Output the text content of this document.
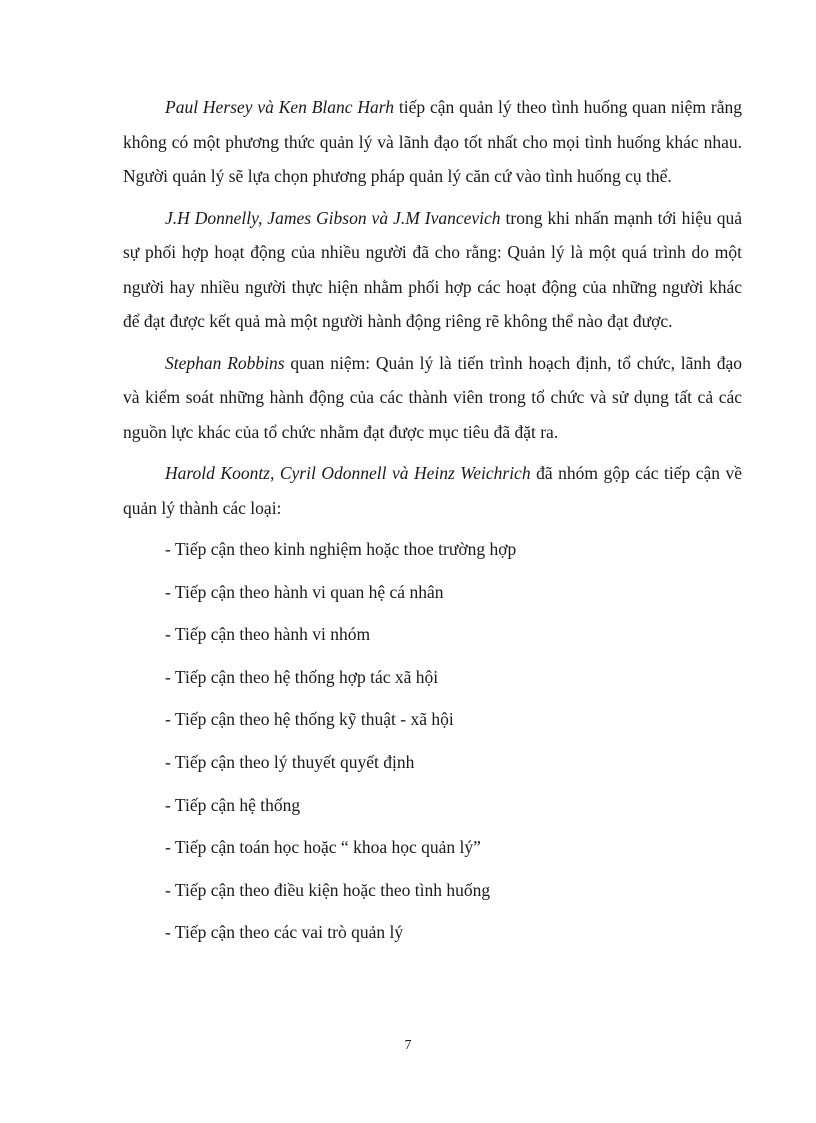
Paul Hersey và Ken Blanc Harh tiếp cận quản lý theo tình huống quan niệm rằng không có một phương thức quản lý và lãnh đạo tốt nhất cho mọi tình huống khác nhau. Người quản lý sẽ lựa chọn phương pháp quản lý căn cứ vào tình huống cụ thể.

J.H Donnelly, James Gibson và J.M Ivancevich trong khi nhấn mạnh tới hiệu quả sự phối hợp hoạt động của nhiều người đã cho rằng: Quản lý là một quá trình do một người hay nhiều người thực hiện nhằm phối hợp các hoạt động của những người khác để đạt được kết quả mà một người hành động riêng rẽ không thể nào đạt được.

Stephan Robbins quan niệm: Quản lý là tiến trình hoạch định, tổ chức, lãnh đạo và kiểm soát những hành động của các thành viên trong tổ chức và sử dụng tất cả các nguồn lực khác của tổ chức nhằm đạt được mục tiêu đã đặt ra.

Harold Koontz, Cyril Odonnell và Heinz Weichrich đã nhóm gộp các tiếp cận về quản lý thành các loại:

- Tiếp cận theo kinh nghiệm hoặc thoe trường hợp
- Tiếp cận theo hành vi quan hệ cá nhân
- Tiếp cận theo hành vi nhóm
- Tiếp cận theo hệ thống hợp tác xã hội
- Tiếp cận theo hệ thống kỹ thuật - xã hội
- Tiếp cận theo lý thuyết quyết định
- Tiếp cận hệ thống
- Tiếp cận toán học hoặc “ khoa học quản lý”
- Tiếp cận theo điều kiện hoặc theo tình huống
- Tiếp cận theo các vai trò quản lý
7
